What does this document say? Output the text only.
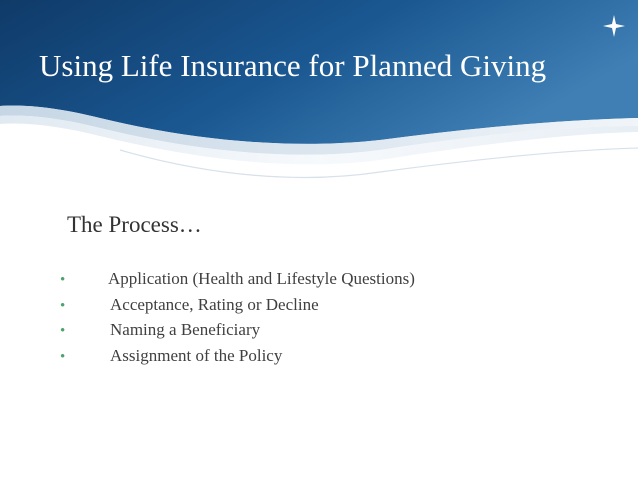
Using Life Insurance for Planned Giving
The Process…
•	Application (Health and Lifestyle Questions)
•	Acceptance, Rating or Decline
•	Naming a Beneficiary
•	Assignment of the Policy
